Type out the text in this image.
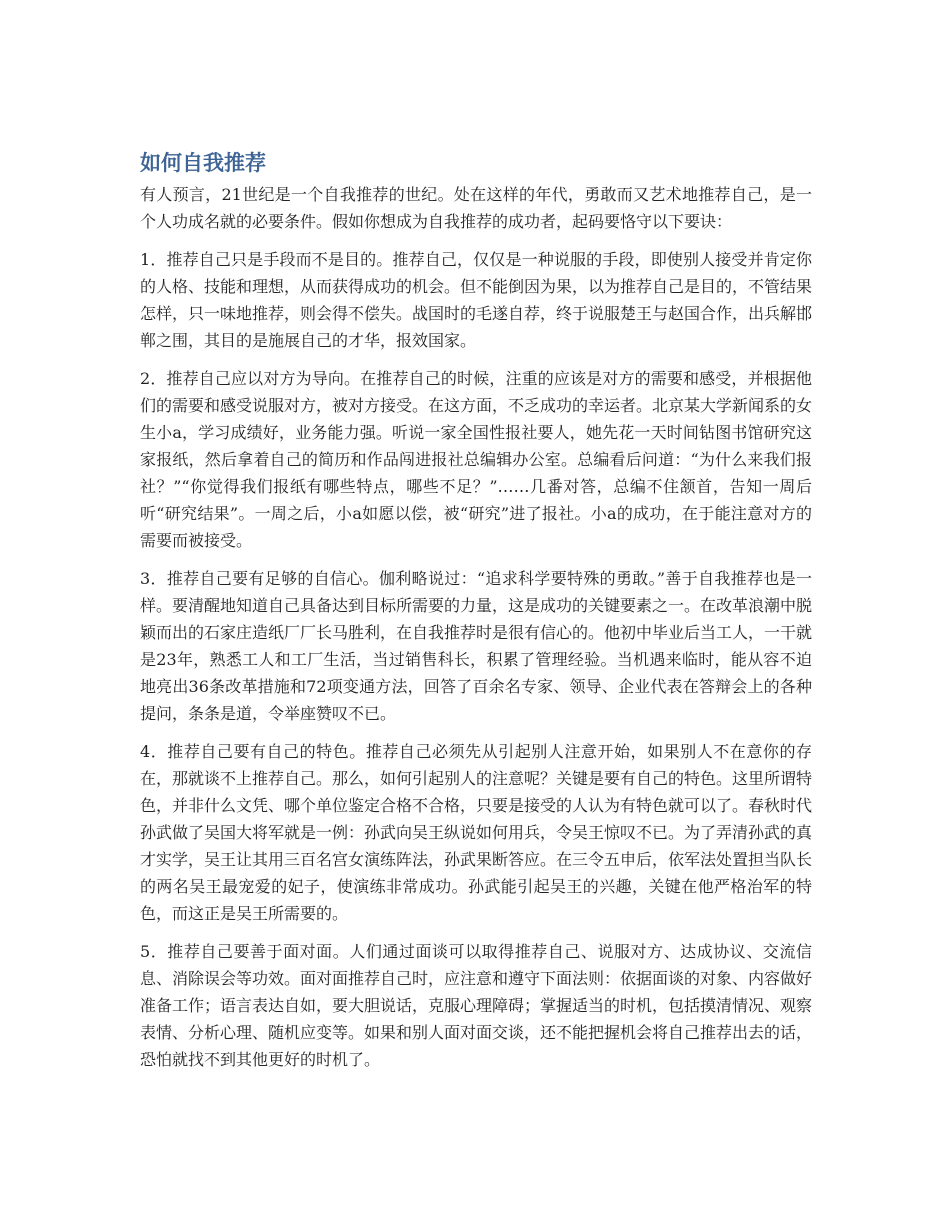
如何自我推荐

有人预言，21世纪是一个自我推荐的世纪。处在这样的年代，勇敢而又艺术地推荐自己，是一个人功成名就的必要条件。假如你想成为自我推荐的成功者，起码要恪守以下要诀：

1．推荐自己只是手段而不是目的。推荐自己，仅仅是一种说服的手段，即使别人接受并肯定你的人格、技能和理想，从而获得成功的机会。但不能倒因为果，以为推荐自己是目的，不管结果怎样，只一味地推荐，则会得不偿失。战国时的毛遂自荐，终于说服楚王与赵国合作，出兵解邯郸之围，其目的是施展自己的才华，报效国家。

2．推荐自己应以对方为导向。在推荐自己的时候，注重的应该是对方的需要和感受，并根据他们的需要和感受说服对方，被对方接受。在这方面，不乏成功的幸运者。北京某大学新闻系的女生小a，学习成绩好，业务能力强。听说一家全国性报社要人，她先花一天时间钻图书馆研究这家报纸，然后拿着自己的简历和作品闯进报社总编辑办公室。总编看后问道：“为什么来我们报社？”“你觉得我们报纸有哪些特点，哪些不足？”……几番对答，总编不住颔首，告知一周后听“研究结果”。一周之后，小a如愿以偿，被“研究”进了报社。小a的成功，在于能注意对方的需要而被接受。

3．推荐自己要有足够的自信心。伽利略说过：“追求科学要特殊的勇敢。”善于自我推荐也是一样。要清醒地知道自己具备达到目标所需要的力量，这是成功的关键要素之一。在改革浪潮中脱颖而出的石家庄造纸厂厂长马胜利，在自我推荐时是很有信心的。他初中毕业后当工人，一干就是23年，熟悉工人和工厂生活，当过销售科长，积累了管理经验。当机遇来临时，能从容不迫地亮出36条改革措施和72项变通方法，回答了百余名专家、领导、企业代表在答辩会上的各种提问，条条是道，令举座赞叹不已。

4．推荐自己要有自己的特色。推荐自己必须先从引起别人注意开始，如果别人不在意你的存在，那就谈不上推荐自己。那么，如何引起别人的注意呢？关键是要有自己的特色。这里所谓特色，并非什么文凭、哪个单位鉴定合格不合格，只要是接受的人认为有特色就可以了。春秋时代孙武做了吴国大将军就是一例：孙武向吴王纵说如何用兵，令吴王惊叹不已。为了弄清孙武的真才实学，吴王让其用三百名宫女演练阵法，孙武果断答应。在三令五申后，依军法处置担当队长的两名吴王最宠爱的妃子，使演练非常成功。孙武能引起吴王的兴趣，关键在他严格治军的特色，而这正是吴王所需要的。

5．推荐自己要善于面对面。人们通过面谈可以取得推荐自己、说服对方、达成协议、交流信息、消除误会等功效。面对面推荐自己时，应注意和遵守下面法则：依据面谈的对象、内容做好准备工作；语言表达自如，要大胆说话，克服心理障碍；掌握适当的时机，包括摸清情况、观察表情、分析心理、随机应变等。如果和别人面对面交谈，还不能把握机会将自己推荐出去的话，恐怕就找不到其他更好的时机了。
